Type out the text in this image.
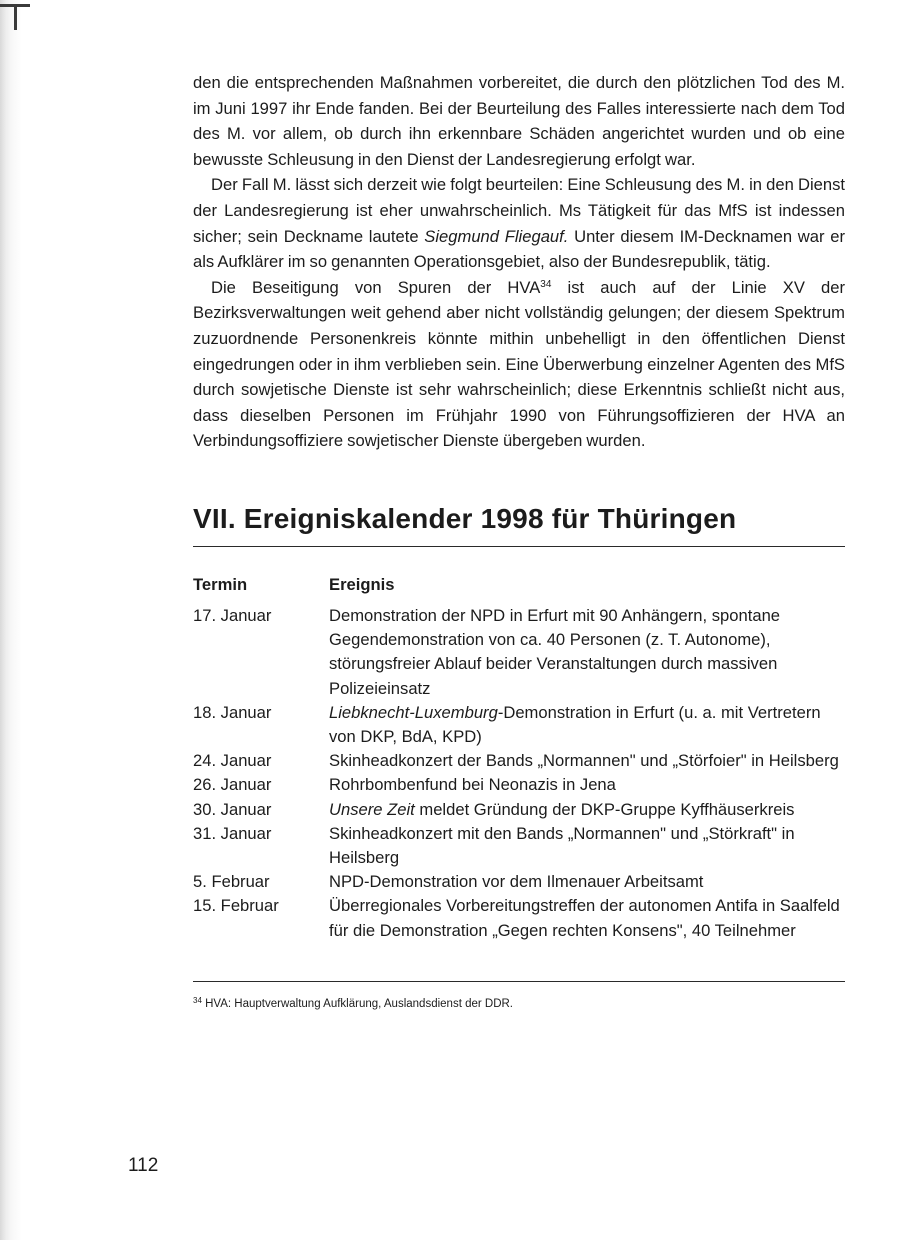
den die entsprechenden Maßnahmen vorbereitet, die durch den plötzlichen Tod des M. im Juni 1997 ihr Ende fanden. Bei der Beurteilung des Falles interessierte nach dem Tod des M. vor allem, ob durch ihn erkennbare Schäden angerichtet wurden und ob eine bewusste Schleusung in den Dienst der Landesregierung erfolgt war.

Der Fall M. lässt sich derzeit wie folgt beurteilen: Eine Schleusung des M. in den Dienst der Landesregierung ist eher unwahrscheinlich. Ms Tätigkeit für das MfS ist indessen sicher; sein Deckname lautete Siegmund Fliegauf. Unter diesem IM-Decknamen war er als Aufklärer im so genannten Operationsgebiet, also der Bundesrepublik, tätig.

Die Beseitigung von Spuren der HVA$^{34}$ ist auch auf der Linie XV der Bezirksverwaltungen weit gehend aber nicht vollständig gelungen; der diesem Spektrum zuzuordnende Personenkreis könnte mithin unbehelligt in den öffentlichen Dienst eingedrungen oder in ihm verblieben sein. Eine Überwerbung einzelner Agenten des MfS durch sowjetische Dienste ist sehr wahrscheinlich; diese Erkenntnis schließt nicht aus, dass dieselben Personen im Frühjahr 1990 von Führungsoffizieren der HVA an Verbindungsoffiziere sowjetischer Dienste übergeben wurden.

VII. Ereigniskalender 1998 für Thüringen
Termin	Ereignis
17. Januar	Demonstration der NPD in Erfurt mit 90 Anhängern, spontane Gegendemonstration von ca. 40 Personen (z. T. Autonome), störungsfreier Ablauf beider Veranstaltungen durch massiven Polizeieinsatz
18. Januar	Liebknecht-Luxemburg-Demonstration in Erfurt (u. a. mit Vertretern von DKP, BdA, KPD)
24. Januar	Skinheadkonzert der Bands „Normannen" und „Störfoier" in Heilsberg
26. Januar	Rohrbombenfund bei Neonazis in Jena
30. Januar	Unsere Zeit meldet Gründung der DKP-Gruppe Kyffhäuserkreis
31. Januar	Skinheadkonzert mit den Bands „Normannen" und „Störkraft" in Heilsberg
5. Februar	NPD-Demonstration vor dem Ilmenauer Arbeitsamt
15. Februar	Überregionales Vorbereitungstreffen der autonomen Antifa in Saalfeld für die Demonstration „Gegen rechten Konsens", 40 Teilnehmer
$^{34}$ HVA: Hauptverwaltung Aufklärung, Auslandsdienst der DDR.
112
